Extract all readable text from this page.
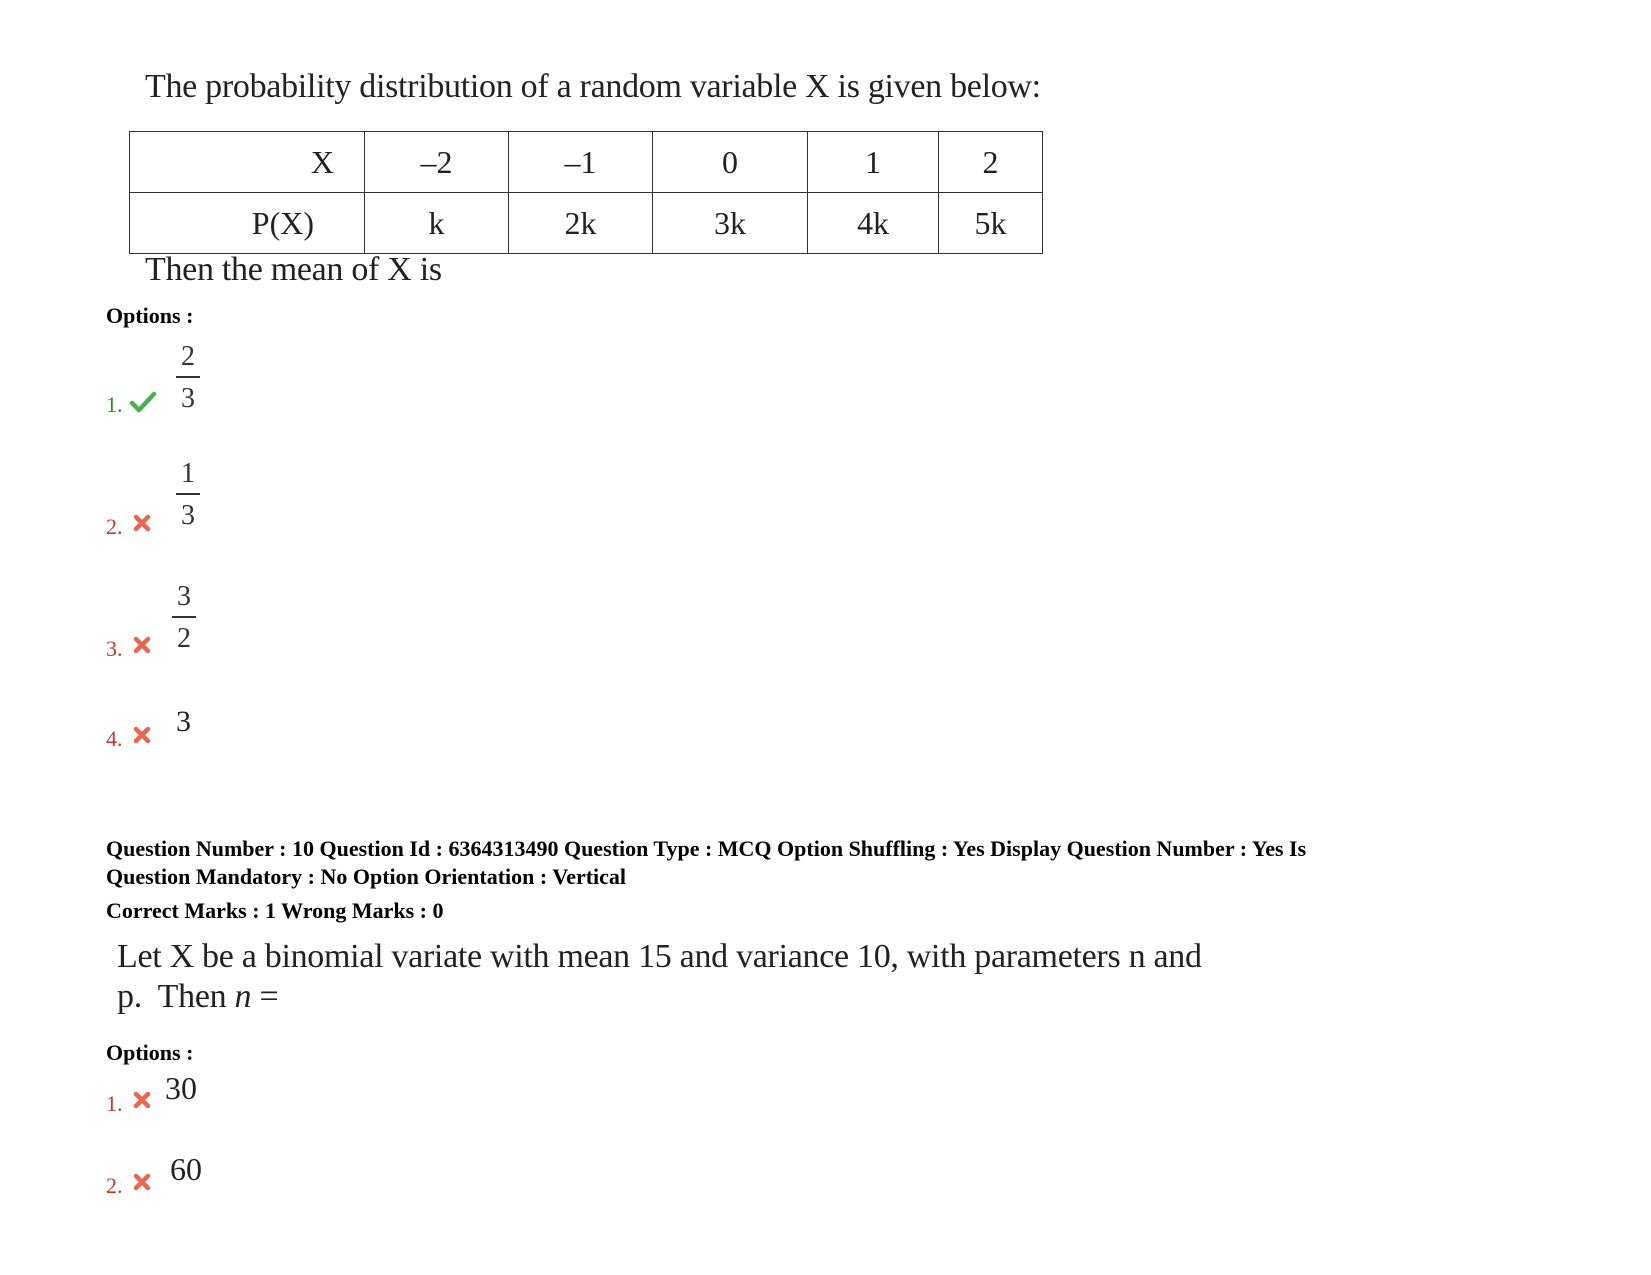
The probability distribution of a random variable X is given below:
X	–2	–1	0	1	2
P(X)	k	2k	3k	4k	5k
Then the mean of X is
Options :
1.
2
3
2.
1
3
3.
3
2
4.
3
Question Number : 10 Question Id : 6364313490 Question Type : MCQ Option Shuffling : Yes Display Question Number : Yes Is
Question Mandatory : No Option Orientation : Vertical
Correct Marks : 1 Wrong Marks : 0
Let X be a binomial variate with mean 15 and variance 10, with parameters n and
p.  Then n =
Options :
1. 30
2. 60
